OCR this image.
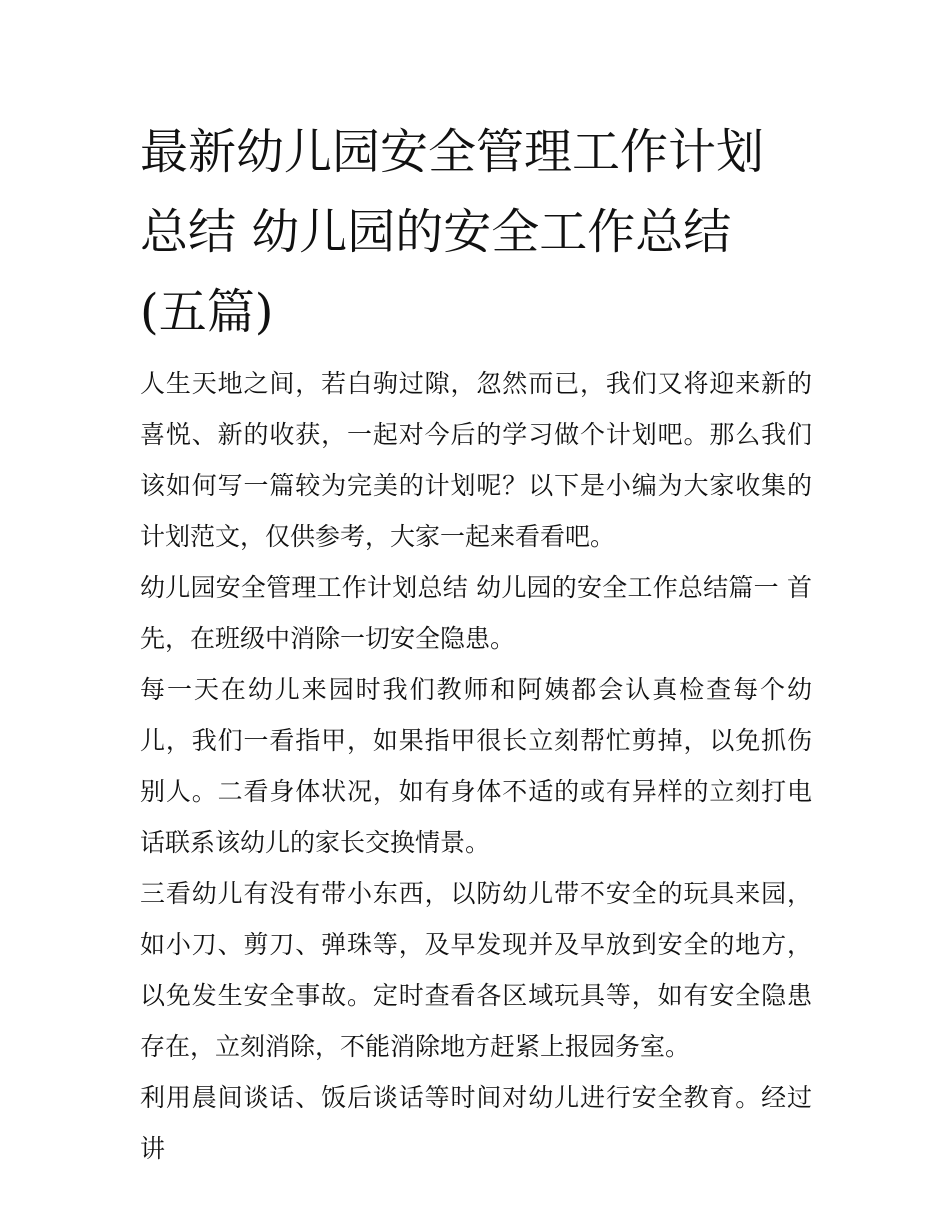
最新幼儿园安全管理工作计划
总结 幼儿园的安全工作总结
(五篇)

人生天地之间，若白驹过隙，忽然而已，我们又将迎来新的喜悦、新的收获，一起对今后的学习做个计划吧。那么我们该如何写一篇较为完美的计划呢？以下是小编为大家收集的计划范文，仅供参考，大家一起来看看吧。

幼儿园安全管理工作计划总结 幼儿园的安全工作总结篇一 首先，在班级中消除一切安全隐患。

每一天在幼儿来园时我们教师和阿姨都会认真检查每个幼儿，我们一看指甲，如果指甲很长立刻帮忙剪掉，以免抓伤别人。二看身体状况，如有身体不适的或有异样的立刻打电话联系该幼儿的家长交换情景。

三看幼儿有没有带小东西，以防幼儿带不安全的玩具来园，如小刀、剪刀、弹珠等，及早发现并及早放到安全的地方，以免发生安全事故。定时查看各区域玩具等，如有安全隐患存在，立刻消除，不能消除地方赶紧上报园务室。

利用晨间谈话、饭后谈话等时间对幼儿进行安全教育。经过讲
